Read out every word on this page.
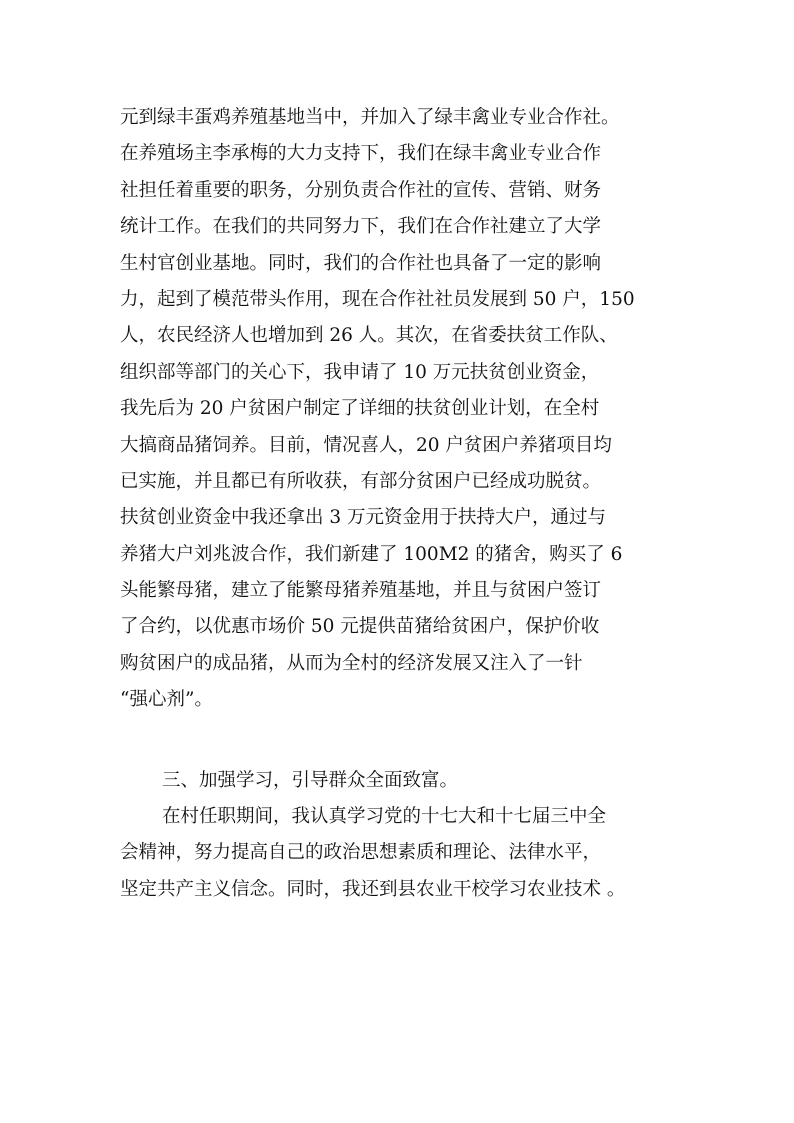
元到绿丰蛋鸡养殖基地当中，并加入了绿丰禽业专业合作社。
在养殖场主李承梅的大力支持下，我们在绿丰禽业专业合作
社担任着重要的职务，分别负责合作社的宣传、营销、财务
统计工作。在我们的共同努力下，我们在合作社建立了大学
生村官创业基地。同时，我们的合作社也具备了一定的影响
力，起到了模范带头作用，现在合作社社员发展到 50 户，150
人，农民经济人也增加到 26 人。其次，在省委扶贫工作队、
组织部等部门的关心下，我申请了 10 万元扶贫创业资金，
我先后为 20 户贫困户制定了详细的扶贫创业计划，在全村
大搞商品猪饲养。目前，情况喜人，20 户贫困户养猪项目均
已实施，并且都已有所收获，有部分贫困户已经成功脱贫。
扶贫创业资金中我还拿出 3 万元资金用于扶持大户，通过与
养猪大户刘兆波合作，我们新建了 100M2 的猪舍，购买了 6
头能繁母猪，建立了能繁母猪养殖基地，并且与贫困户签订
了合约，以优惠市场价 50 元提供苗猪给贫困户，保护价收
购贫困户的成品猪，从而为全村的经济发展又注入了一针
“强心剂”。
三、加强学习，引导群众全面致富。
在村任职期间，我认真学习党的十七大和十七届三中全
会精神，努力提高自己的政治思想素质和理论、法律水平，
坚定共产主义信念。同时，我还到县农业干校学习农业技术 。
